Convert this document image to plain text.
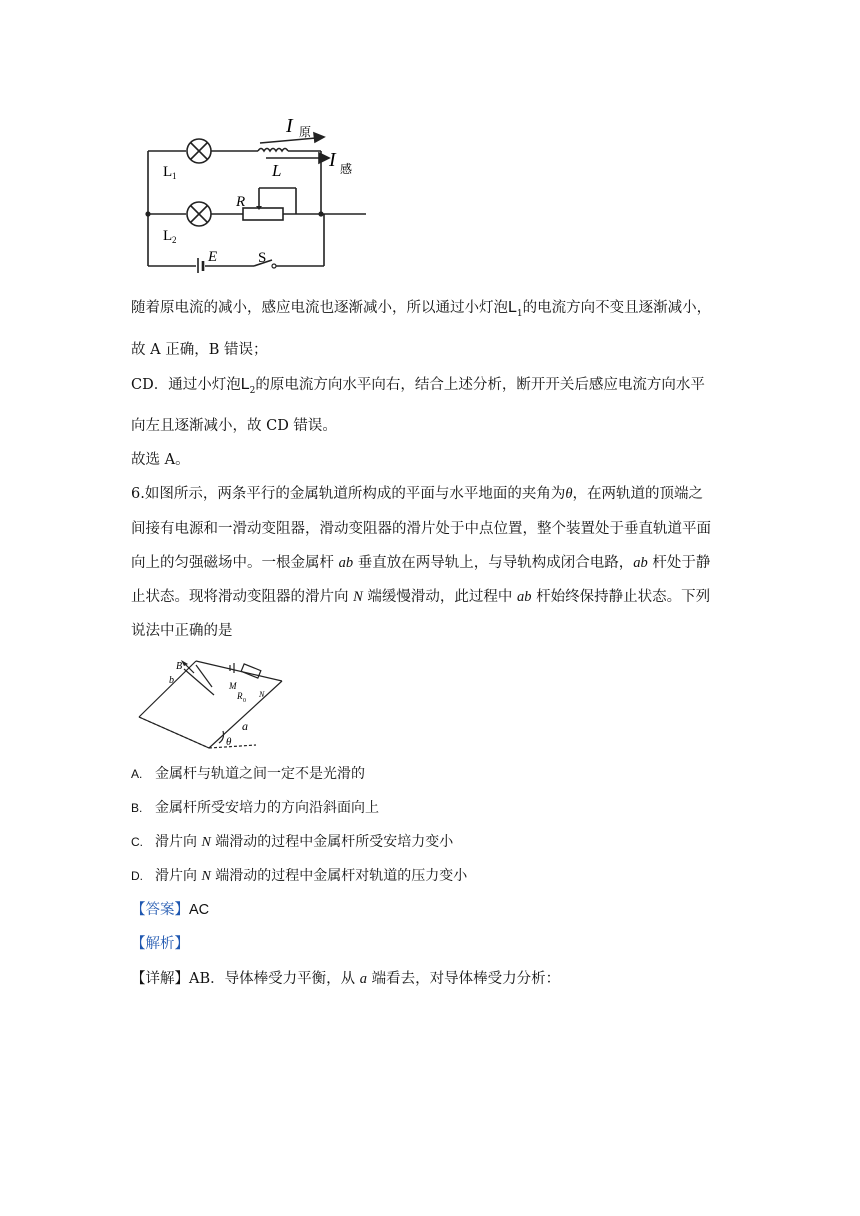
I 原
I 感
L
L 1
L 2
R
E	S
随着原电流的减小，感应电流也逐渐减小，所以通过小灯泡$L_1$的电流方向不变且逐渐减小，
故 A 正确，B 错误；
CD．通过小灯泡$L_2$的原电流方向水平向右，结合上述分析，断开开关后感应电流方向水平
向左且逐渐减小，故 CD 错误。
故选 A。
6.如图所示，两条平行的金属轨道所构成的平面与水平地面的夹角为θ，在两轨道的顶端之
间接有电源和一滑动变阻器，滑动变阻器的滑片处于中点位置，整个装置处于垂直轨道平面
向上的匀强磁场中。一根金属杆 ab 垂直放在两导轨上，与导轨构成闭合电路，ab 杆处于静
止状态。现将滑动变阻器的滑片向 N 端缓慢滑动，此过程中 ab 杆始终保持静止状态。下列
说法中正确的是
B
b	M
R 0
N
a
θ
A. 金属杆与轨道之间一定不是光滑的
B. 金属杆所受安培力的方向沿斜面向上
C. 滑片向 N 端滑动的过程中金属杆所受安培力变小
D. 滑片向 N 端滑动的过程中金属杆对轨道的压力变小
【答案】AC
【解析】
【详解】AB．导体棒受力平衡，从 a 端看去，对导体棒受力分析：
